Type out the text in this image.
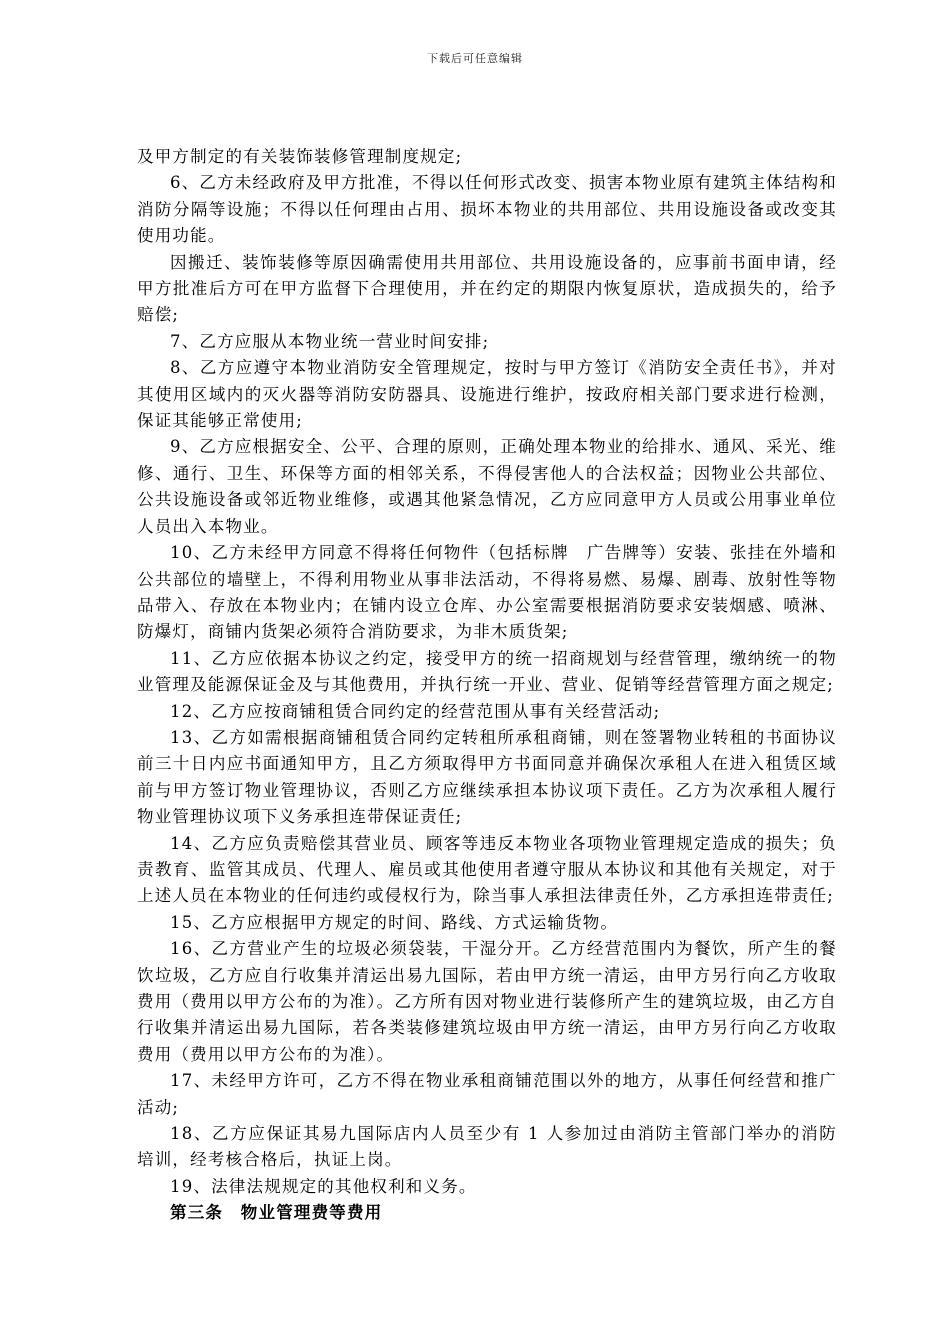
下载后可任意编辑

及甲方制定的有关装饰装修管理制度规定;

6、乙方未经政府及甲方批准，不得以任何形式改变、损害本物业原有建筑主体结构和消防分隔等设施；不得以任何理由占用、损坏本物业的共用部位、共用设施设备或改变其使用功能。

因搬迁、装饰装修等原因确需使用共用部位、共用设施设备的，应事前书面申请，经甲方批准后方可在甲方监督下合理使用，并在约定的期限内恢复原状，造成损失的，给予赔偿;

7、乙方应服从本物业统一营业时间安排;

8、乙方应遵守本物业消防安全管理规定，按时与甲方签订《消防安全责任书》，并对其使用区域内的灭火器等消防安防器具、设施进行维护，按政府相关部门要求进行检测，保证其能够正常使用;

9、乙方应根据安全、公平、合理的原则，正确处理本物业的给排水、通风、采光、维修、通行、卫生、环保等方面的相邻关系，不得侵害他人的合法权益；因物业公共部位、公共设施设备或邻近物业维修，或遇其他紧急情况，乙方应同意甲方人员或公用事业单位人员出入本物业。

10、乙方未经甲方同意不得将任何物件（包括标牌　广告牌等）安装、张挂在外墙和公共部位的墙壁上，不得利用物业从事非法活动，不得将易燃、易爆、剧毒、放射性等物品带入、存放在本物业内；在铺内设立仓库、办公室需要根据消防要求安装烟感、喷淋、防爆灯，商铺内货架必须符合消防要求，为非木质货架;

11、乙方应依据本协议之约定，接受甲方的统一招商规划与经营管理，缴纳统一的物业管理及能源保证金及与其他费用，并执行统一开业、营业、促销等经营管理方面之规定;

12、乙方应按商铺租赁合同约定的经营范围从事有关经营活动;

13、乙方如需根据商铺租赁合同约定转租所承租商铺，则在签署物业转租的书面协议前三十日内应书面通知甲方，且乙方须取得甲方书面同意并确保次承租人在进入租赁区域前与甲方签订物业管理协议，否则乙方应继续承担本协议项下责任。乙方为次承租人履行物业管理协议项下义务承担连带保证责任;

14、乙方应负责赔偿其营业员、顾客等违反本物业各项物业管理规定造成的损失；负责教育、监管其成员、代理人、雇员或其他使用者遵守服从本协议和其他有关规定，对于上述人员在本物业的任何违约或侵权行为，除当事人承担法律责任外，乙方承担连带责任;

15、乙方应根据甲方规定的时间、路线、方式运输货物。

16、乙方营业产生的垃圾必须袋装，干湿分开。乙方经营范围内为餐饮，所产生的餐饮垃圾，乙方应自行收集并清运出易九国际，若由甲方统一清运，由甲方另行向乙方收取费用（费用以甲方公布的为准）。乙方所有因对物业进行装修所产生的建筑垃圾，由乙方自行收集并清运出易九国际，若各类装修建筑垃圾由甲方统一清运，由甲方另行向乙方收取费用（费用以甲方公布的为准）。

17、未经甲方许可，乙方不得在物业承租商铺范围以外的地方，从事任何经营和推广活动;

18、乙方应保证其易九国际店内人员至少有 1 人参加过由消防主管部门举办的消防培训，经考核合格后，执证上岗。

19、法律法规规定的其他权利和义务。

第三条　物业管理费等费用
